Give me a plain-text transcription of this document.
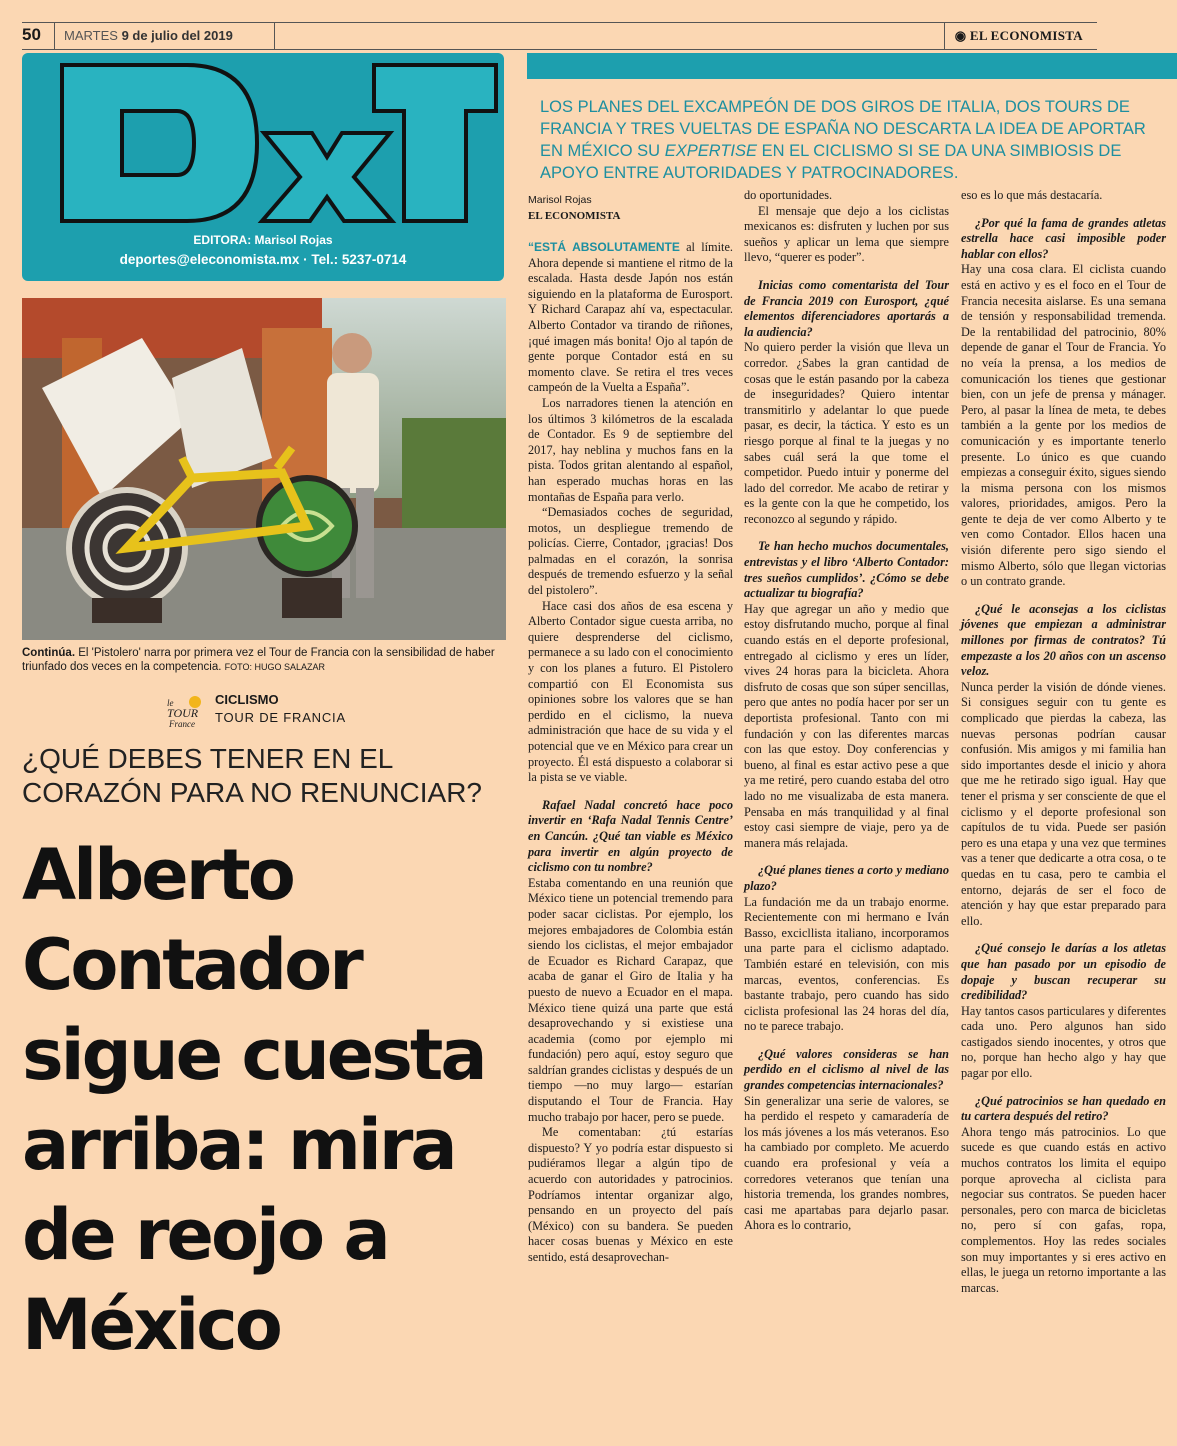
50 MARTES 9 de julio del 2019	◉ EL ECONOMISTA
EDITORA: Marisol Rojas
deportes@eleconomista.mx · Tel.: 5237-0714
LOS PLANES DEL EXCAMPEÓN DE DOS GIROS DE ITALIA, DOS TOURS DE FRANCIA Y TRES VUELTAS DE ESPAÑA NO DESCARTA LA IDEA DE APORTAR EN MÉXICO SU EXPERTISE EN EL CICLISMO SI SE DA UNA SIMBIOSIS DE APOYO ENTRE AUTORIDADES Y PATROCINADORES.
Continúa. El 'Pistolero' narra por primera vez el Tour de Francia con la sensibilidad de haber triunfado dos veces en la competencia. FOTO: HUGO SALAZAR
le
TOUR
France
CICLISMO
TOUR DE FRANCIA
¿QUÉ DEBES TENER EN EL CORAZÓN PARA NO RENUNCIAR?
Alberto Contador sigue cuesta arriba: mira de reojo a México
Marisol Rojas
EL ECONOMISTA

“ESTÁ ABSOLUTAMENTE al límite. Ahora depende si mantiene el ritmo de la escalada. Hasta desde Japón nos están siguiendo en la plataforma de Eurosport. Y Richard Carapaz ahí va, espectacular. Alberto Contador va tirando de riñones, ¡qué imagen más bonita! Ojo al tapón de gente porque Contador está en su momento clave. Se retira el tres veces campeón de la Vuelta a España”.

Los narradores tienen la atención en los últimos 3 kilómetros de la escalada de Contador. Es 9 de septiembre del 2017, hay neblina y muchos fans en la pista. Todos gritan alentando al español, han esperado muchas horas en las montañas de España para verlo.

“Demasiados coches de seguridad, motos, un despliegue tremendo de policías. Cierre, Contador, ¡gracias! Dos palmadas en el corazón, la sonrisa después de tremendo esfuerzo y la señal del pistolero”.

Hace casi dos años de esa escena y Alberto Contador sigue cuesta arriba, no quiere desprenderse del ciclismo, permanece a su lado con el conocimiento y con los planes a futuro. El Pistolero compartió con El Economista sus opiniones sobre los valores que se han perdido en el ciclismo, la nueva administración que hace de su vida y el potencial que ve en México para crear un proyecto. Él está dispuesto a colaborar si la pista se ve viable.

Rafael Nadal concretó hace poco invertir en ‘Rafa Nadal Tennis Centre’ en Cancún. ¿Qué tan viable es México para invertir en algún proyecto de ciclismo con tu nombre?

Estaba comentando en una reunión que México tiene un potencial tremendo para poder sacar ciclistas. Por ejemplo, los mejores embajadores de Colombia están siendo los ciclistas, el mejor embajador de Ecuador es Richard Carapaz, que acaba de ganar el Giro de Italia y ha puesto de nuevo a Ecuador en el mapa. México tiene quizá una parte que está desaprovechando y si existiese una academia (como por ejemplo mi fundación) pero aquí, estoy seguro que saldrían grandes ciclistas y después de un tiempo —no muy largo— estarían disputando el Tour de Francia. Hay mucho trabajo por hacer, pero se puede.

Me comentaban: ¿tú estarías dispuesto? Y yo podría estar dispuesto si pudiéramos llegar a algún tipo de acuerdo con autoridades y patrocinios. Podríamos intentar organizar algo, pensando en un proyecto del país (México) con su bandera. Se pueden hacer cosas buenas y México en este sentido, está desaprovechan-

do oportunidades.

El mensaje que dejo a los ciclistas mexicanos es: disfruten y luchen por sus sueños y aplicar un lema que siempre llevo, “querer es poder”.

Inicias como comentarista del Tour de Francia 2019 con Eurosport, ¿qué elementos diferenciadores aportarás a la audiencia?

No quiero perder la visión que lleva un corredor. ¿Sabes la gran cantidad de cosas que le están pasando por la cabeza de inseguridades? Quiero intentar transmitirlo y adelantar lo que puede pasar, es decir, la táctica. Y esto es un riesgo porque al final te la juegas y no sabes cuál será la que tome el competidor. Puedo intuir y ponerme del lado del corredor. Me acabo de retirar y es la gente con la que he competido, los reconozco al segundo y rápido.

Te han hecho muchos documentales, entrevistas y el libro ‘Alberto Contador: tres sueños cumplidos’. ¿Cómo se debe actualizar tu biografía?

Hay que agregar un año y medio que estoy disfrutando mucho, porque al final cuando estás en el deporte profesional, entregado al ciclismo y eres un líder, vives 24 horas para la bicicleta. Ahora disfruto de cosas que son súper sencillas, pero que antes no podía hacer por ser un deportista profesional. Tanto con mi fundación y con las diferentes marcas con las que estoy. Doy conferencias y bueno, al final es estar activo pese a que ya me retiré, pero cuando estaba del otro lado no me visualizaba de esta manera. Pensaba en más tranquilidad y al final estoy casi siempre de viaje, pero ya de manera más relajada.

¿Qué planes tienes a corto y mediano plazo?

La fundación me da un trabajo enorme. Recientemente con mi hermano e Iván Basso, excicllista italiano, incorporamos una parte para el ciclismo adaptado. También estaré en televisión, con mis marcas, eventos, conferencias. Es bastante trabajo, pero cuando has sido ciclista profesional las 24 horas del día, no te parece trabajo.

¿Qué valores consideras se han perdido en el ciclismo al nivel de las grandes competencias internacionales?

Sin generalizar una serie de valores, se ha perdido el respeto y camaradería de los más jóvenes a los más veteranos. Eso ha cambiado por completo. Me acuerdo cuando era profesional y veía a corredores veteranos que tenían una historia tremenda, los grandes nombres, casi me apartabas para dejarlo pasar. Ahora es lo contrario,

eso es lo que más destacaría.

¿Por qué la fama de grandes atletas estrella hace casi imposible poder hablar con ellos?

Hay una cosa clara. El ciclista cuando está en activo y es el foco en el Tour de Francia necesita aislarse. Es una semana de tensión y responsabilidad tremenda. De la rentabilidad del patrocinio, 80% depende de ganar el Tour de Francia. Yo no veía la prensa, a los medios de comunicación los tienes que gestionar bien, con un jefe de prensa y mánager. Pero, al pasar la línea de meta, te debes también a la gente por los medios de comunicación y es importante tenerlo presente. Lo único es que cuando empiezas a conseguir éxito, sigues siendo la misma persona con los mismos valores, prioridades, amigos. Pero la gente te deja de ver como Alberto y te ven como Contador. Ellos hacen una visión diferente pero sigo siendo el mismo Alberto, sólo que llegan victorias o un contrato grande.

¿Qué le aconsejas a los ciclistas jóvenes que empiezan a administrar millones por firmas de contratos? Tú empezaste a los 20 años con un ascenso veloz.

Nunca perder la visión de dónde vienes. Si consigues seguir con tu gente es complicado que pierdas la cabeza, las nuevas personas podrían causar confusión. Mis amigos y mi familia han sido importantes desde el inicio y ahora que me he retirado sigo igual. Hay que tener el prisma y ser consciente de que el ciclismo y el deporte profesional son capítulos de tu vida. Puede ser pasión pero es una etapa y una vez que termines vas a tener que dedicarte a otra cosa, o te quedas en tu casa, pero te cambia el entorno, dejarás de ser el foco de atención y hay que estar preparado para ello.

¿Qué consejo le darías a los atletas que han pasado por un episodio de dopaje y buscan recuperar su credibilidad?

Hay tantos casos particulares y diferentes cada uno. Pero algunos han sido castigados siendo inocentes, y otros que no, porque han hecho algo y hay que pagar por ello.

¿Qué patrocinios se han quedado en tu cartera después del retiro?

Ahora tengo más patrocinios. Lo que sucede es que cuando estás en activo muchos contratos los limita el equipo porque aprovecha al ciclista para negociar sus contratos. Se pueden hacer personales, pero con marca de bicicletas no, pero sí con gafas, ropa, complementos. Hoy las redes sociales son muy importantes y si eres activo en ellas, le juega un retorno importante a las marcas.
